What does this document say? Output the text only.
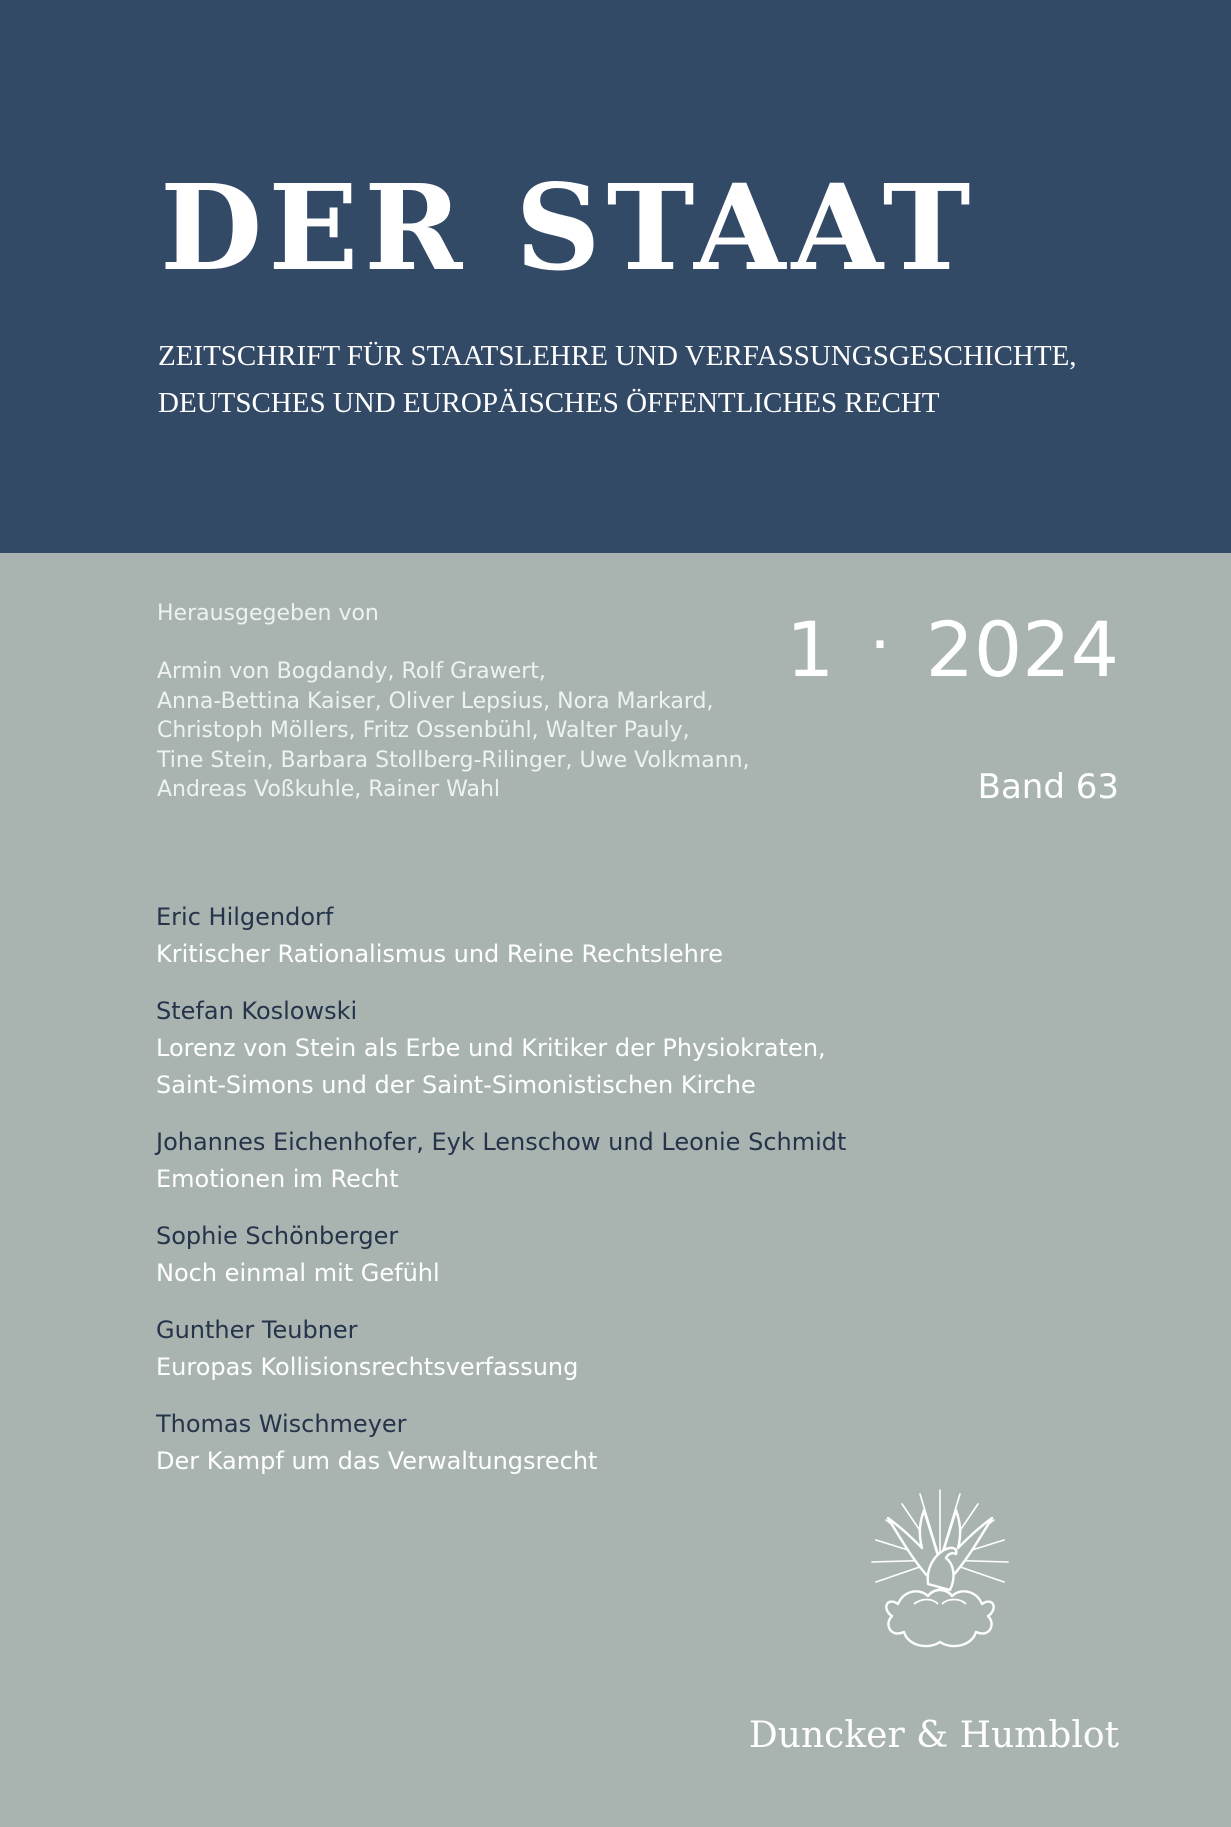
DER STAAT

ZEITSCHRIFT FÜR STAATSLEHRE UND VERFASSUNGSGESCHICHTE,
DEUTSCHES UND EUROPÄISCHES ÖFFENTLICHES RECHT

Herausgegeben von

Armin von Bogdandy, Rolf Grawert,
Anna-Bettina Kaiser, Oliver Lepsius, Nora Markard,
Christoph Möllers, Fritz Ossenbühl, Walter Pauly,
Tine Stein, Barbara Stollberg-Rilinger, Uwe Volkmann,
Andreas Voßkuhle, Rainer Wahl

1 · 2024
Band 63
Eric Hilgendorf
Kritischer Rationalismus und Reine Rechtslehre
Stefan Koslowski
Lorenz von Stein als Erbe und Kritiker der Physiokraten,
Saint-Simons und der Saint-Simonistischen Kirche
Johannes Eichenhofer, Eyk Lenschow und Leonie Schmidt
Emotionen im Recht
Sophie Schönberger
Noch einmal mit Gefühl
Gunther Teubner
Europas Kollisionsrechtsverfassung
Thomas Wischmeyer
Der Kampf um das Verwaltungsrecht
Duncker & Humblot
